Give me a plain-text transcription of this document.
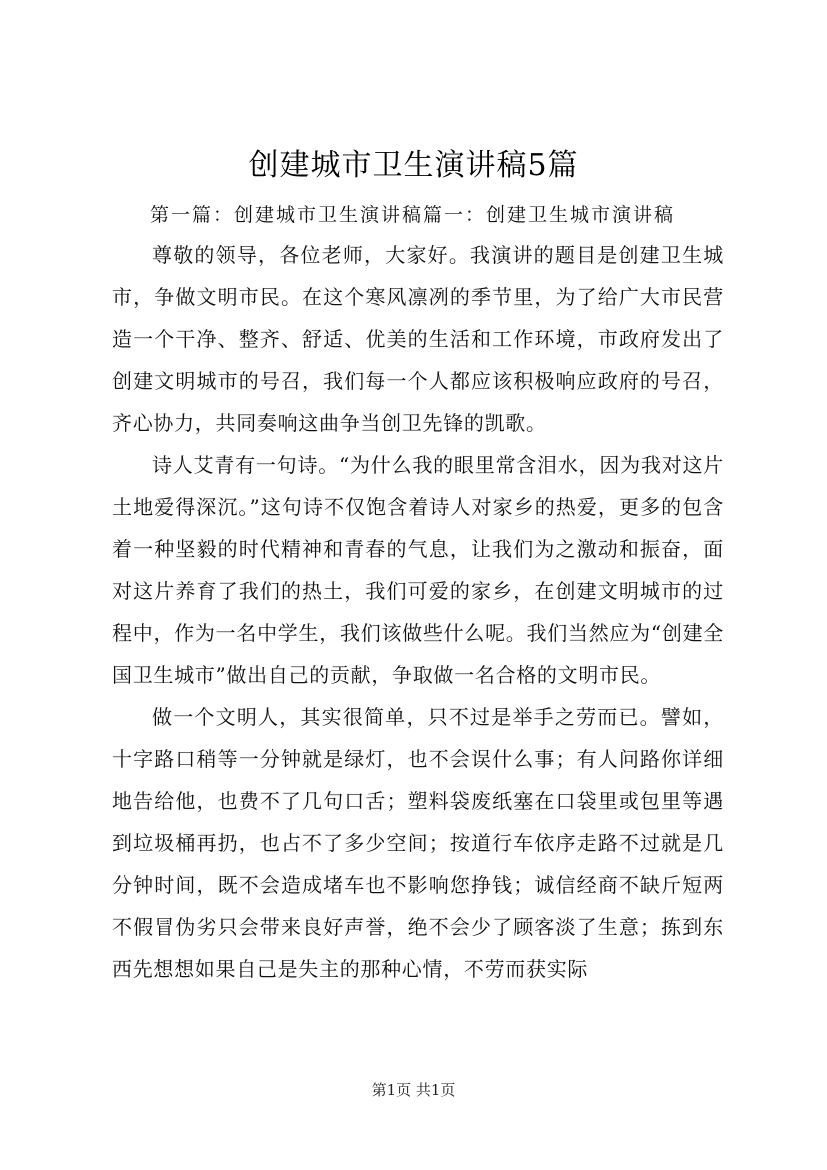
创建城市卫生演讲稿5篇

第一篇：创建城市卫生演讲稿篇一：创建卫生城市演讲稿

尊敬的领导，各位老师，大家好。我演讲的题目是创建卫生城市，争做文明市民。在这个寒风凛冽的季节里，为了给广大市民营造一个干净、整齐、舒适、优美的生活和工作环境，市政府发出了创建文明城市的号召，我们每一个人都应该积极响应政府的号召，齐心协力，共同奏响这曲争当创卫先锋的凯歌。

诗人艾青有一句诗。“为什么我的眼里常含泪水，因为我对这片土地爱得深沉。”这句诗不仅饱含着诗人对家乡的热爱，更多的包含着一种坚毅的时代精神和青春的气息，让我们为之激动和振奋，面对这片养育了我们的热土，我们可爱的家乡，在创建文明城市的过程中，作为一名中学生，我们该做些什么呢。我们当然应为“创建全国卫生城市”做出自己的贡献，争取做一名合格的文明市民。

做一个文明人，其实很简单，只不过是举手之劳而已。譬如，十字路口稍等一分钟就是绿灯，也不会误什么事；有人问路你详细地告给他，也费不了几句口舌；塑料袋废纸塞在口袋里或包里等遇到垃圾桶再扔，也占不了多少空间；按道行车依序走路不过就是几分钟时间，既不会造成堵车也不影响您挣钱；诚信经商不缺斤短两不假冒伪劣只会带来良好声誉，绝不会少了顾客淡了生意；拣到东西先想想如果自己是失主的那种心情，不劳而获实际

第1页 共1页
